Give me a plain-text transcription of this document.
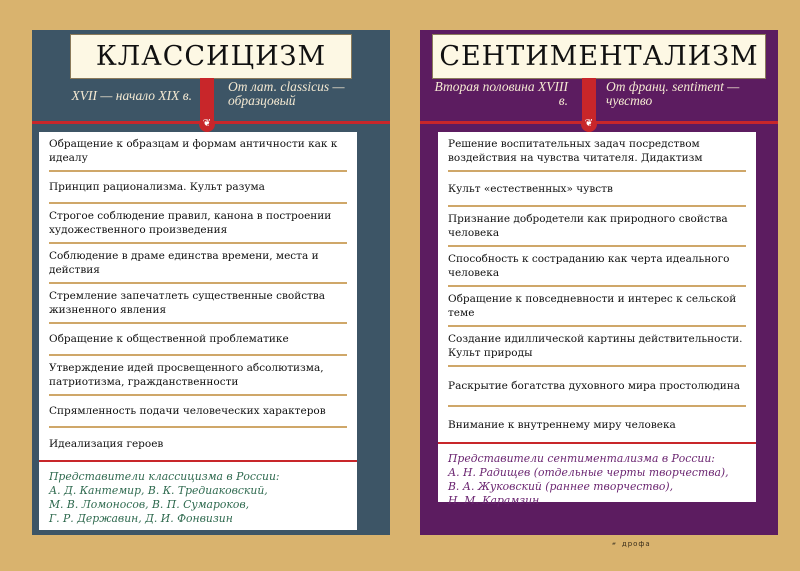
КЛАССИЦИЗМ
XVII — начало XIX в.
От лат. classicus — образцовый
❦
Обращение к образцам и формам античности как к идеалу
Принцип рационализма. Культ разума
Строгое соблюдение правил, канона в построении художественного произведения
Соблюдение в драме единства времени, места и действия
Стремление запечатлеть существенные свойства жизненного явления
Обращение к общественной проблематике
Утверждение идей просвещенного абсолютизма, патриотизма, гражданственности
Спрямленность подачи человеческих характеров
Идеализация героев
Представители классицизма в России:
А. Д. Кантемир, В. К. Тредиаковский,
М. В. Ломоносов, В. П. Сумароков,
Г. Р. Державин, Д. И. Фонвизин
СЕНТИМЕНТАЛИЗМ
Вторая половина XVIII в.
От франц. sentiment — чувство
❦
Решение воспитательных задач посредством воздействия на чувства читателя. Дидактизм
Культ «естественных» чувств
Признание добродетели как природного свойства человека
Способность к состраданию как черта идеального человека
Обращение к повседневности и интерес к сельской теме
Создание идиллической картины действительности. Культ природы
Раскрытие богатства духовного мира простолюдина
Внимание к внутреннему миру человека
Представители сентиментализма в России:
А. Н. Радищев (отдельные черты творчества),
В. А. Жуковский (раннее творчество),
Н. М. Карамзин
▰ дрофа
